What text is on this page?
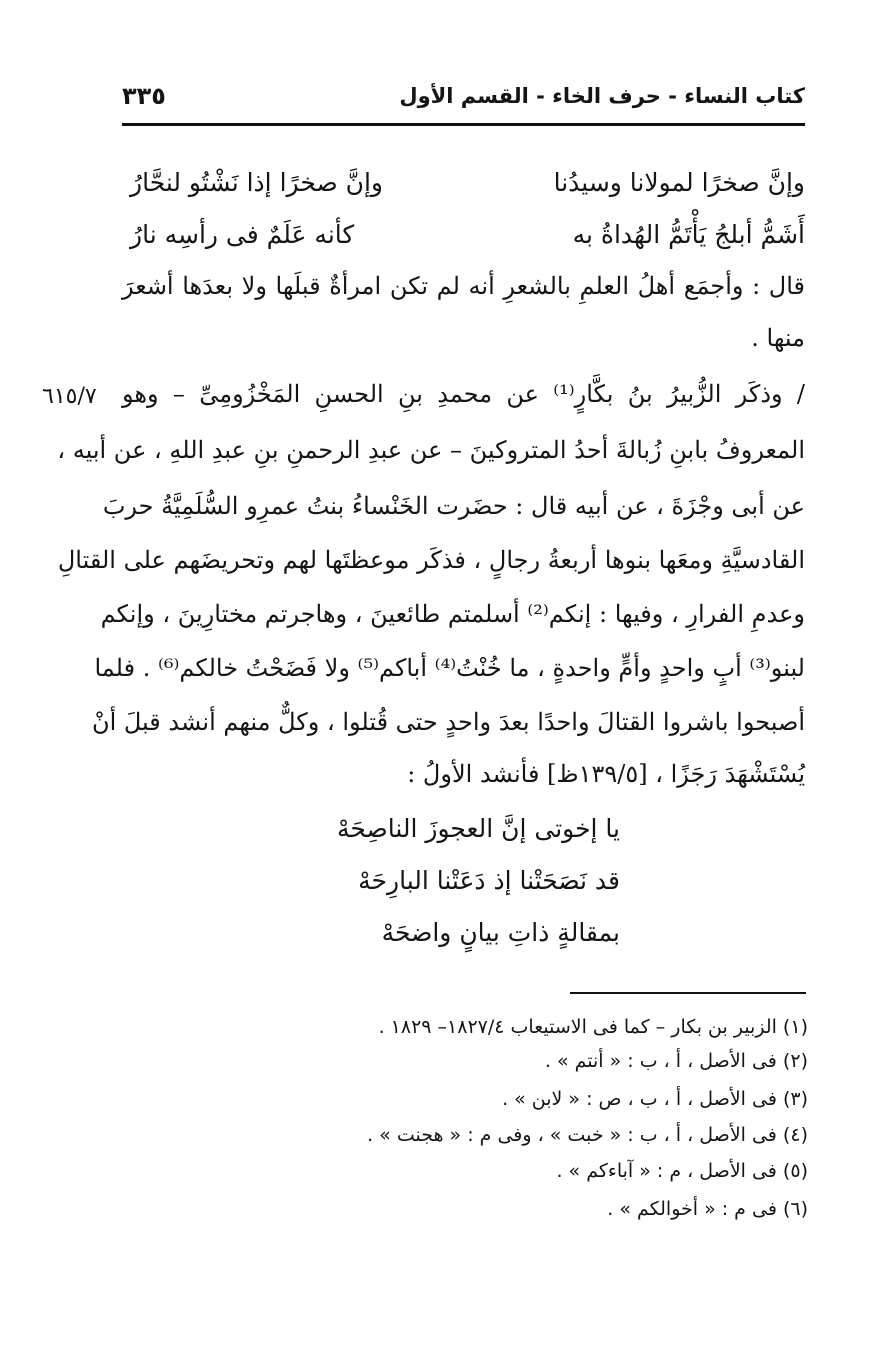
كتاب النساء - حرف الخاء - القسم الأول
٣٣٥
وإنَّ صخرًا لمولانا وسيدُنا
وإنَّ صخرًا إذا نَشْتُو لنحَّارُ
أَشَمُّ أبلجُ يَأْتَمُّ الهُداةُ به
كأنه عَلَمٌ فى رأسِه نارُ
قال : وأجمَع أهلُ العلمِ بالشعرِ أنه لم تكن امرأةٌ قبلَها ولا بعدَها أشعرَ
منها .
/ وذكَر الزُّبيرُ بنُ بكَّارٍ⁽¹⁾ عن محمدِ بنِ الحسنِ المَخْزُومِىِّ – وهو
٦١٥/٧
المعروفُ بابنِ زُبالةَ أحدُ المتروكينَ – عن عبدِ الرحمنِ بنِ عبدِ اللهِ ، عن أبيه ،
عن أبى وجْزَةَ ، عن أبيه قال : حضَرت الخَنْساءُ بنتُ عمرِو السُّلَمِيَّةُ حربَ
القادسيَّةِ ومعَها بنوها أربعةُ رجالٍ ، فذكَر موعظتَها لهم وتحريضَهم على القتالِ
وعدمِ الفرارِ ، وفيها : إنكم⁽²⁾ أسلمتم طائعينَ ، وهاجرتم مختارِينَ ، وإنكم
لبنو⁽³⁾ أبٍ واحدٍ وأمٍّ واحدةٍ ، ما خُنْتُ⁽⁴⁾ أباكم⁽⁵⁾ ولا فَضَحْتُ خالكم⁽⁶⁾ . فلما
أصبحوا باشروا القتالَ واحدًا بعدَ واحدٍ حتى قُتلوا ، وكلٌّ منهم أنشد قبلَ أنْ
يُسْتَشْهَدَ رَجَزًا ، [١٣٩/٥ظ] فأنشد الأولُ :
يا إخوتى إنَّ العجوزَ الناصِحَهْ
قد نَصَحَتْنا إذ دَعَتْنا البارِحَهْ
بمقالةٍ ذاتِ بيانٍ واضحَهْ
(١) الزبير بن بكار – كما فى الاستيعاب ١٨٢٧/٤– ١٨٢٩ .
(٢) فى الأصل ، أ ، ب : « أنتم » .
(٣) فى الأصل ، أ ، ب ، ص : « لابن » .
(٤) فى الأصل ، أ ، ب : « خبت » ، وفى م : « هجنت » .
(٥) فى الأصل ، م : « آباءكم » .
(٦) فى م : « أخوالكم » .
